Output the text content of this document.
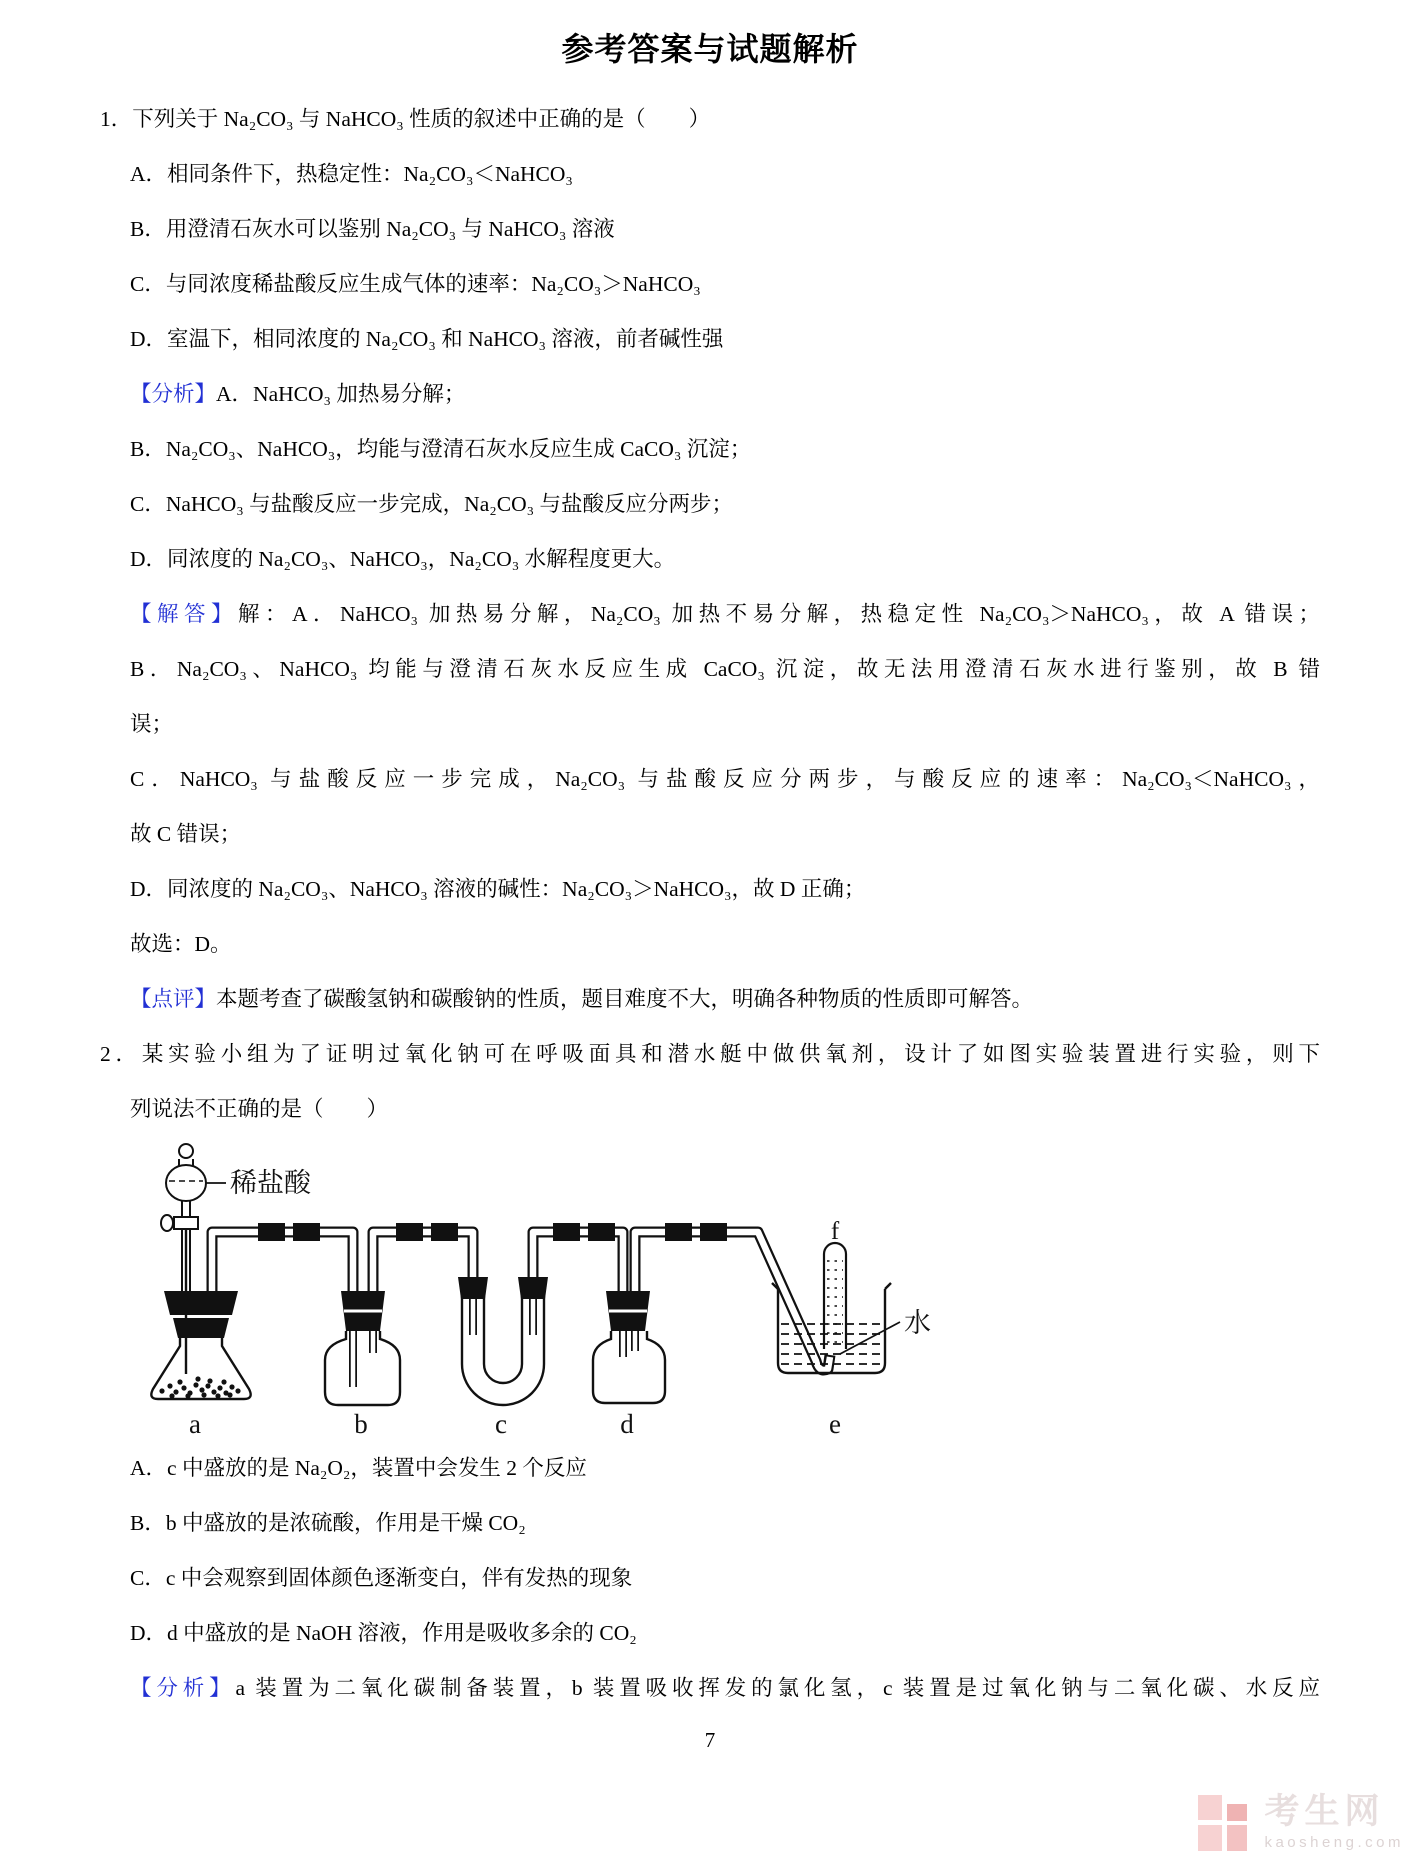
参考答案与试题解析
1．下列关于 Na₂CO₃ 与 NaHCO₃ 性质的叙述中正确的是（　　）
A．相同条件下，热稳定性：Na₂CO₃＜NaHCO₃
B．用澄清石灰水可以鉴别 Na₂CO₃ 与 NaHCO₃ 溶液
C．与同浓度稀盐酸反应生成气体的速率：Na₂CO₃＞NaHCO₃
D．室温下，相同浓度的 Na₂CO₃ 和 NaHCO₃ 溶液，前者碱性强
【分析】A．NaHCO₃ 加热易分解；
B．Na₂CO₃、NaHCO₃，均能与澄清石灰水反应生成 CaCO₃ 沉淀；
C．NaHCO₃ 与盐酸反应一步完成，Na₂CO₃ 与盐酸反应分两步；
D．同浓度的 Na₂CO₃、NaHCO₃，Na₂CO₃ 水解程度更大。
【解答】解：A．NaHCO₃ 加热易分解，Na₂CO₃ 加热不易分解，热稳定性 Na₂CO₃＞NaHCO₃，故 A 错误；
B．Na₂CO₃、NaHCO₃ 均能与澄清石灰水反应生成 CaCO₃ 沉淀，故无法用澄清石灰水进行鉴别，故 B 错
误；
C．NaHCO₃ 与盐酸反应一步完成，Na₂CO₃ 与盐酸反应分两步，与酸反应的速率：Na₂CO₃＜NaHCO₃，
故 C 错误；
D．同浓度的 Na₂CO₃、NaHCO₃ 溶液的碱性：Na₂CO₃＞NaHCO₃，故 D 正确；
故选：D。
【点评】本题考查了碳酸氢钠和碳酸钠的性质，题目难度不大，明确各种物质的性质即可解答。
2．某实验小组为了证明过氧化钠可在呼吸面具和潜水艇中做供氧剂，设计了如图实验装置进行实验，则下
列说法不正确的是（　　）
稀盐酸
f
水
a	b	c	d	e
A．c 中盛放的是 Na₂O₂，装置中会发生 2 个反应
B．b 中盛放的是浓硫酸，作用是干燥 CO₂
C．c 中会观察到固体颜色逐渐变白，伴有发热的现象
D．d 中盛放的是 NaOH 溶液，作用是吸收多余的 CO₂
【分析】a 装置为二氧化碳制备装置，b 装置吸收挥发的氯化氢，c 装置是过氧化钠与二氧化碳、水反应
7
考生网
kaosheng.com
